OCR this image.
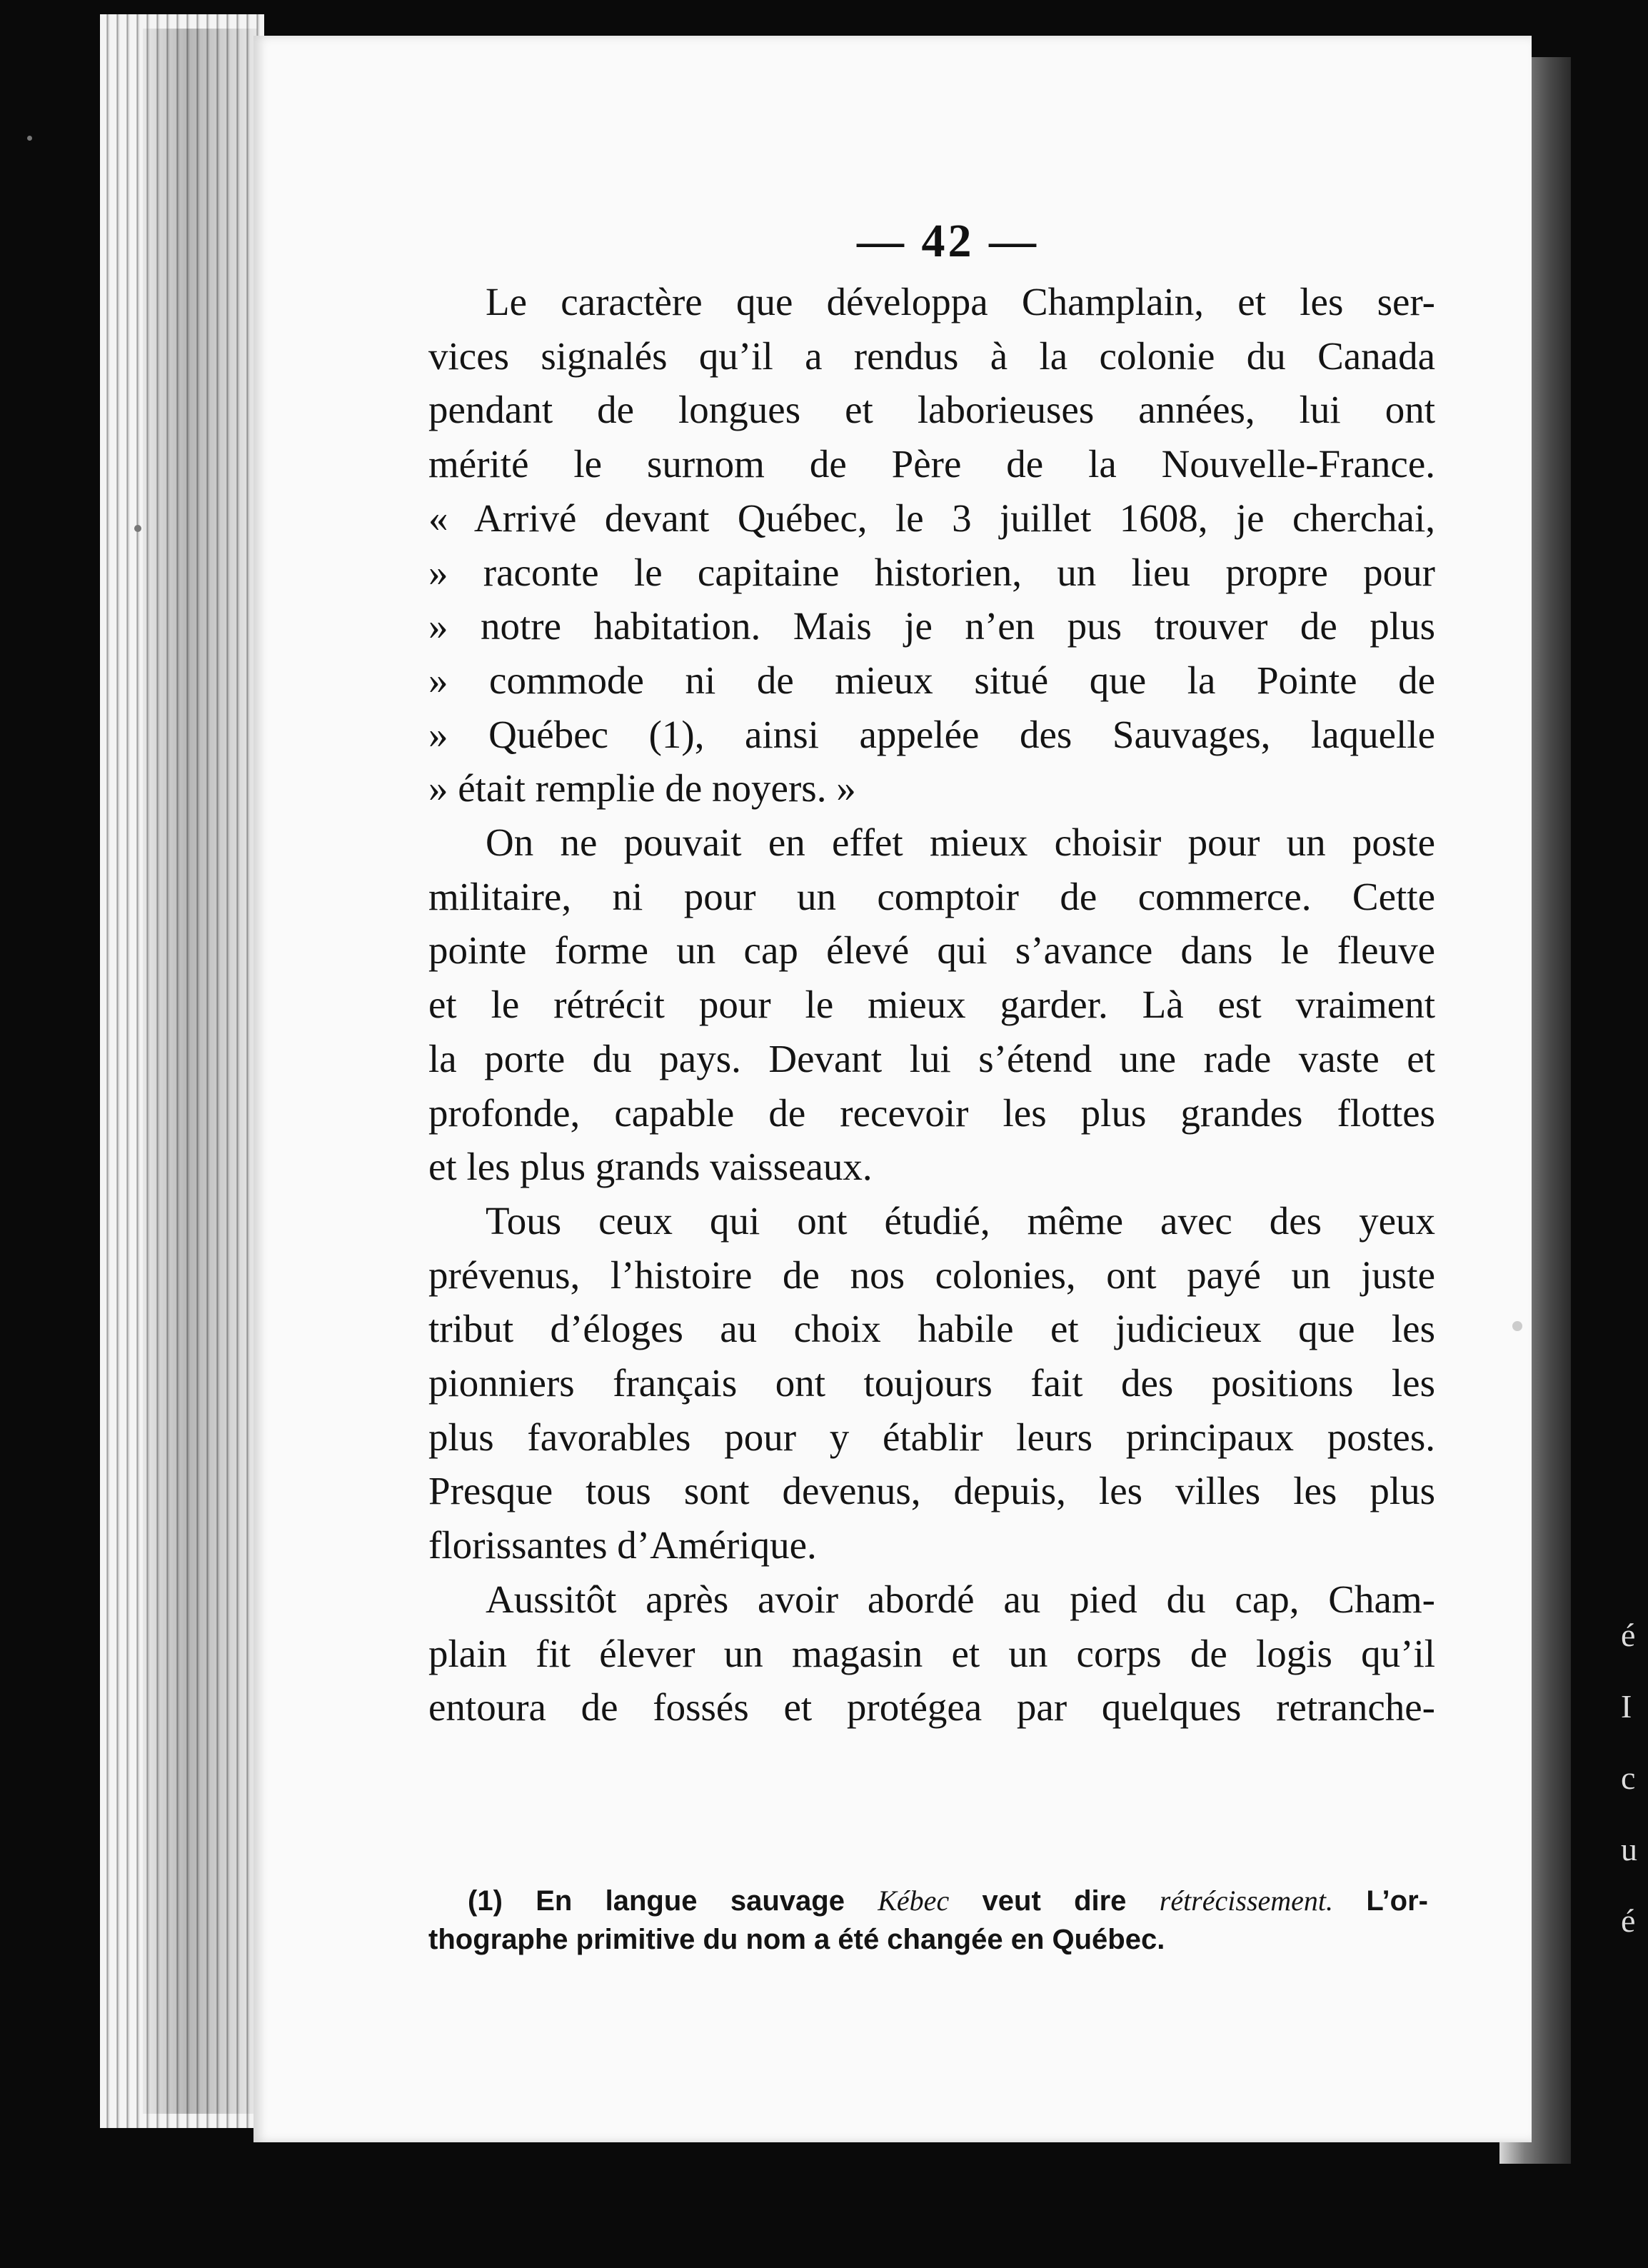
é
I
c
u
é
— 42 —
Le caractère que développa Champlain, et les ser-
vices signalés qu’il a rendus à la colonie du Canada
pendant de longues et laborieuses années, lui ont
mérité le surnom de Père de la Nouvelle-France.
« Arrivé devant Québec, le 3 juillet 1608, je cherchai,
» raconte le capitaine historien, un lieu propre pour
» notre habitation. Mais je n’en pus trouver de plus
» commode ni de mieux situé que la Pointe de
» Québec (1), ainsi appelée des Sauvages, laquelle
» était remplie de noyers. »
On ne pouvait en effet mieux choisir pour un poste
militaire, ni pour un comptoir de commerce. Cette
pointe forme un cap élevé qui s’avance dans le fleuve
et le rétrécit pour le mieux garder. Là est vraiment
la porte du pays. Devant lui s’étend une rade vaste et
profonde, capable de recevoir les plus grandes flottes
et les plus grands vaisseaux.
Tous ceux qui ont étudié, même avec des yeux
prévenus, l’histoire de nos colonies, ont payé un juste
tribut d’éloges au choix habile et judicieux que les
pionniers français ont toujours fait des positions les
plus favorables pour y établir leurs principaux postes.
Presque tous sont devenus, depuis, les villes les plus
florissantes d’Amérique.
Aussitôt après avoir abordé au pied du cap, Cham-
plain fit élever un magasin et un corps de logis qu’il
entoura de fossés et protégea par quelques retranche-
(1) En langue sauvage Kébec veut dire rétrécissement. L’or-
thographe primitive du nom a été changée en Québec.
